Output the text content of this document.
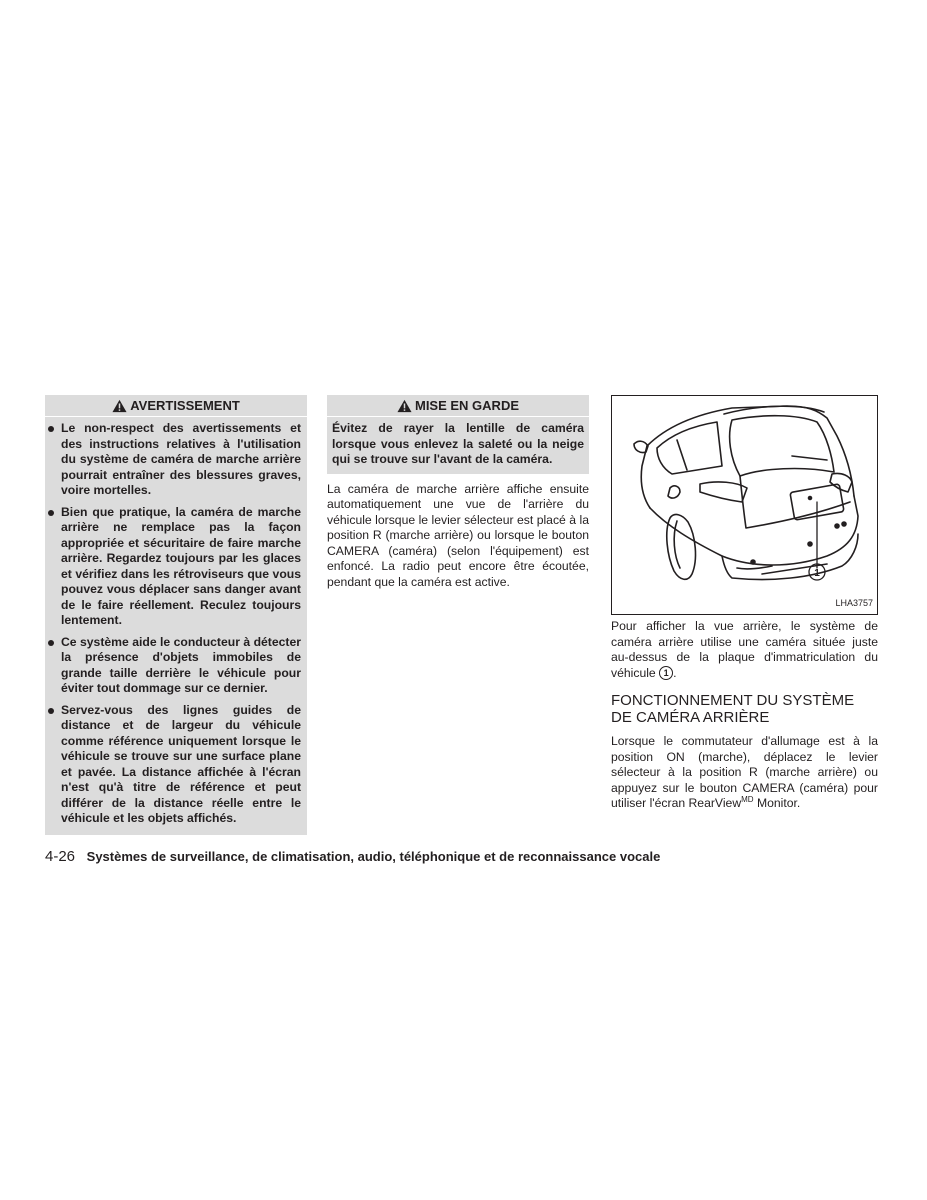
AVERTISSEMENT
Le non-respect des avertissements et des instructions relatives à l'utilisation du système de caméra de marche arrière pourrait entraîner des blessures graves, voire mortelles.
Bien que pratique, la caméra de marche arrière ne remplace pas la façon appropriée et sécuritaire de faire marche arrière. Regardez toujours par les glaces et vérifiez dans les rétroviseurs que vous pouvez vous déplacer sans danger avant de le faire réellement. Reculez toujours lentement.
Ce système aide le conducteur à détecter la présence d'objets immobiles de grande taille derrière le véhicule pour éviter tout dommage sur ce dernier.
Servez-vous des lignes guides de distance et de largeur du véhicule comme référence uniquement lorsque le véhicule se trouve sur une surface plane et pavée. La distance affichée à l'écran n'est qu'à titre de référence et peut différer de la distance réelle entre le véhicule et les objets affichés.
MISE EN GARDE
Évitez de rayer la lentille de caméra lorsque vous enlevez la saleté ou la neige qui se trouve sur l'avant de la caméra.

La caméra de marche arrière affiche ensuite automatiquement une vue de l'arrière du véhicule lorsque le levier sélecteur est placé à la position R (marche arrière) ou lorsque le bouton CAMERA (caméra) (selon l'équipement) est enfoncé. La radio peut encore être écoutée, pendant que la caméra est active.

1
LHA3757

Pour afficher la vue arrière, le système de caméra arrière utilise une caméra située juste au-dessus de la plaque d'immatriculation du véhicule 1 .

FONCTIONNEMENT DU SYSTÈME
DE CAMÉRA ARRIÈRE

Lorsque le commutateur d'allumage est à la position ON (marche), déplacez le levier sélecteur à la position R (marche arrière) ou appuyez sur le bouton CAMERA (caméra) pour utiliser l'écran RearView$^{MD}$ Monitor.

4-26 Systèmes de surveillance, de climatisation, audio, téléphonique et de reconnaissance vocale
